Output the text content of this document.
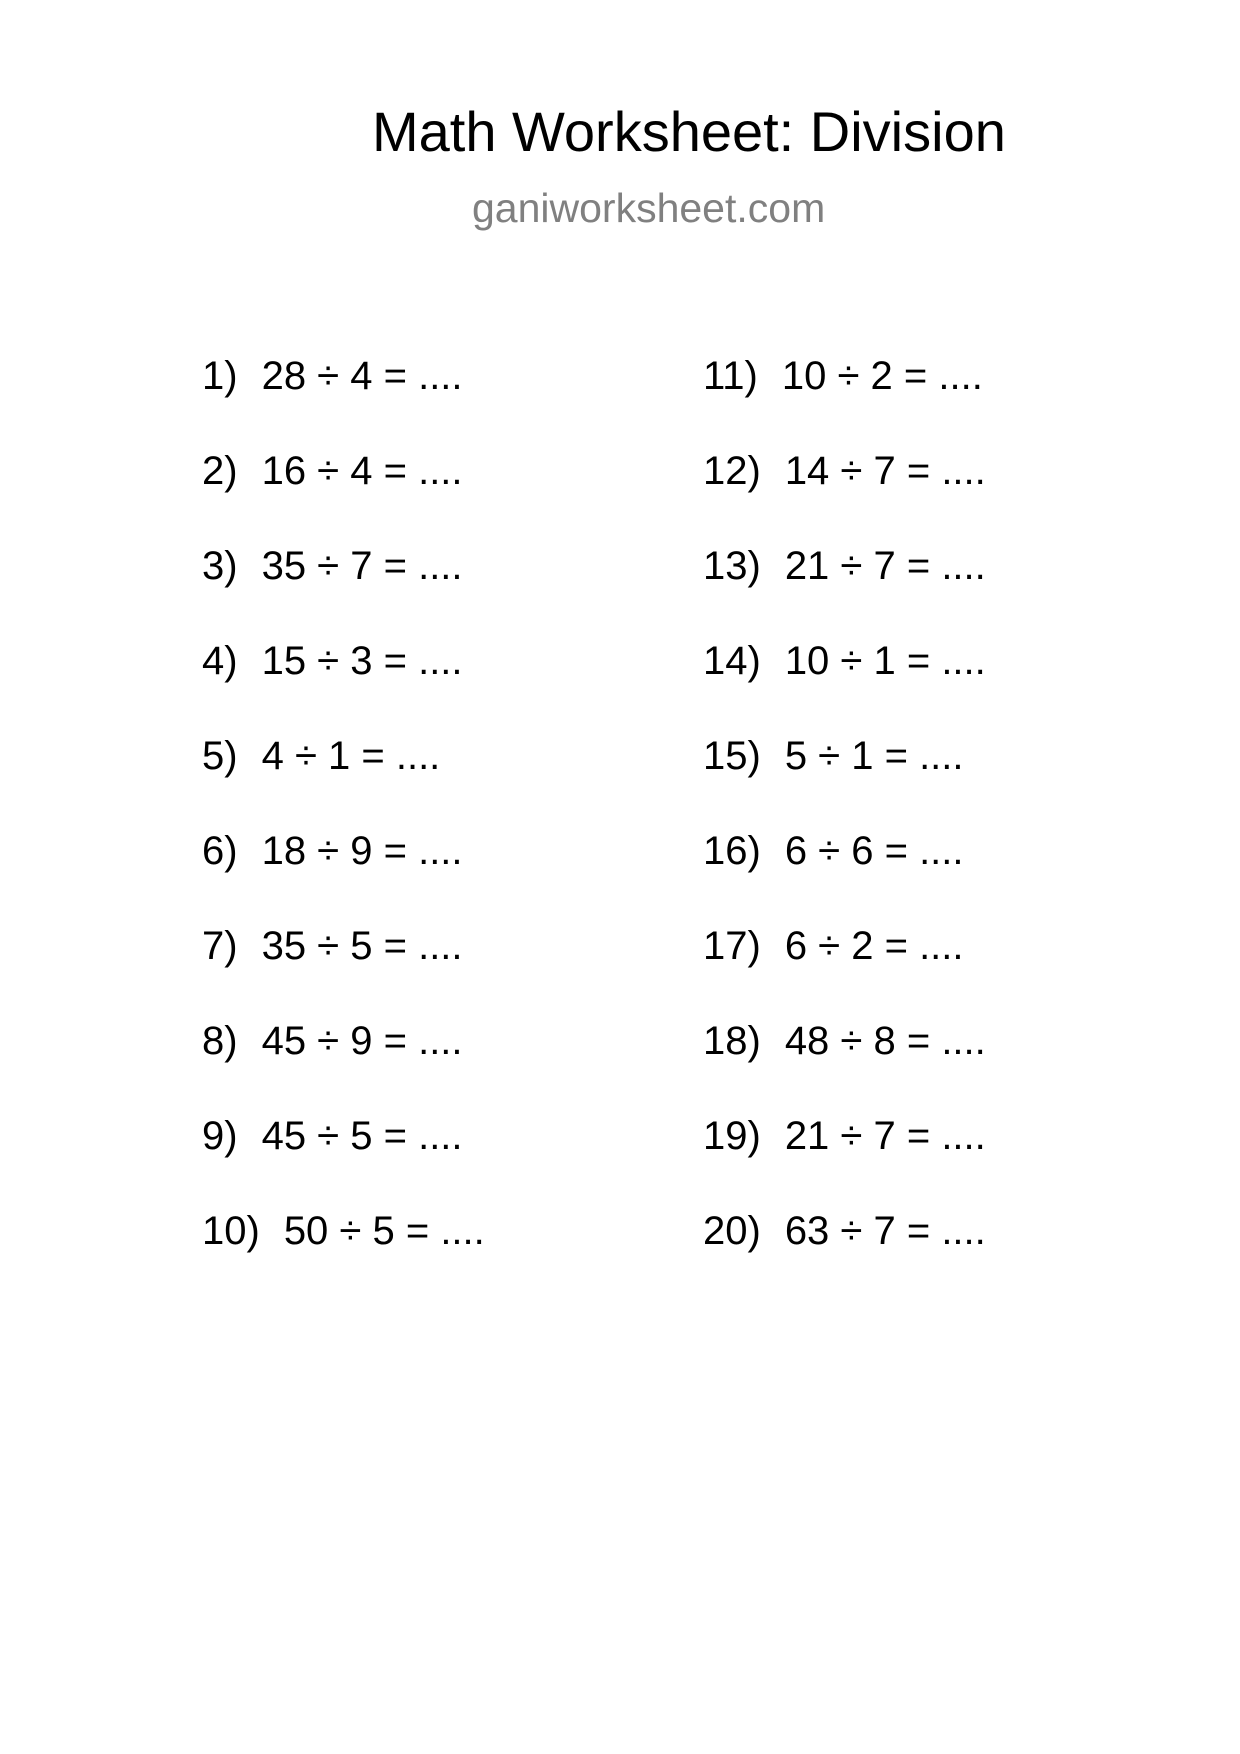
Math Worksheet: Division
ganiworksheet.com
1) 28 ÷ 4 = ....
2) 16 ÷ 4 = ....
3) 35 ÷ 7 = ....
4) 15 ÷ 3 = ....
5) 4 ÷ 1 = ....
6) 18 ÷ 9 = ....
7) 35 ÷ 5 = ....
8) 45 ÷ 9 = ....
9) 45 ÷ 5 = ....
10) 50 ÷ 5 = ....
11) 10 ÷ 2 = ....
12) 14 ÷ 7 = ....
13) 21 ÷ 7 = ....
14) 10 ÷ 1 = ....
15) 5 ÷ 1 = ....
16) 6 ÷ 6 = ....
17) 6 ÷ 2 = ....
18) 48 ÷ 8 = ....
19) 21 ÷ 7 = ....
20) 63 ÷ 7 = ....
